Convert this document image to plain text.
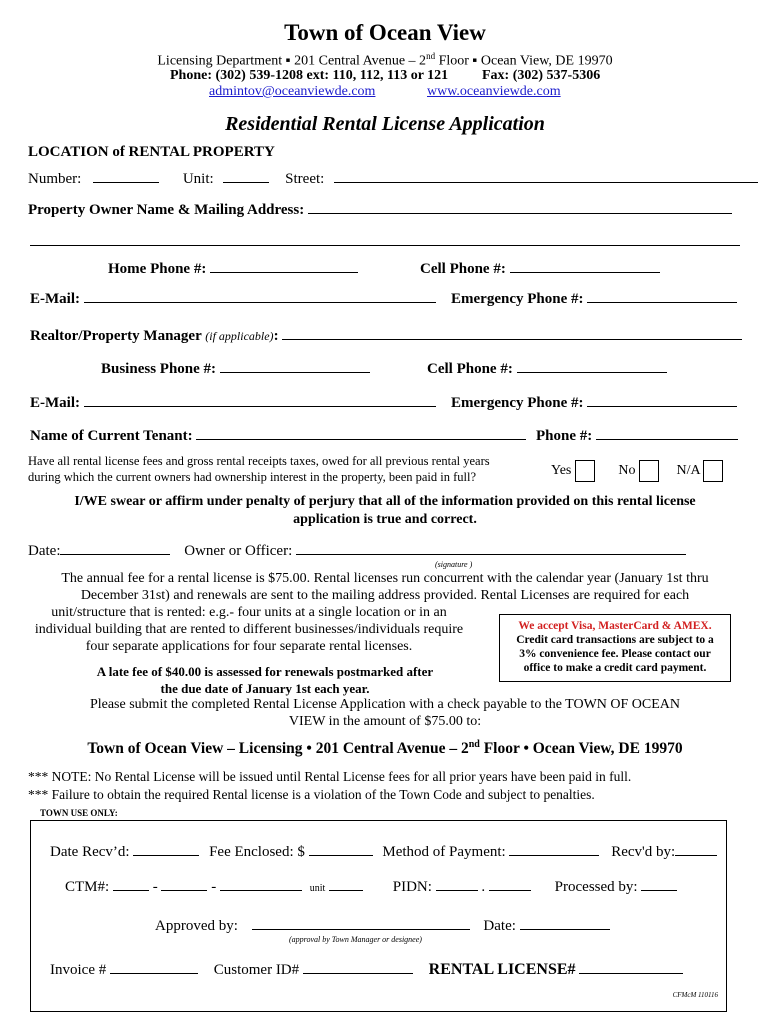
Town of Ocean View
Licensing Department ▪ 201 Central Avenue – 2nd Floor ▪ Ocean View, DE 19970
Phone: (302) 539-1208 ext: 110, 112, 113 or 121 Fax: (302) 537-5306
admintov@oceanviewde.com	www.oceanviewde.com
Residential Rental License Application
LOCATION of RENTAL PROPERTY
Number:	Unit:	Street:
Property Owner Name & Mailing Address:
Home Phone #:	Cell Phone #:
E-Mail:	Emergency Phone #:
Realtor/Property Manager (if applicable):
Business Phone #:	Cell Phone #:
E-Mail:	Emergency Phone #:
Name of Current Tenant:	Phone #:
Have all rental license fees and gross rental receipts taxes, owed for all previous rental years
during which the current owners had ownership interest in the property, been paid in full?	Yes	No	N/A
I/WE swear or affirm under penalty of perjury that all of the information provided on this rental license
application is true and correct.
Date:	Owner or Officer:
(signature )
The annual fee for a rental license is $75.00. Rental licenses run concurrent with the calendar year (January 1st thru
December 31st) and renewals are sent to the mailing address provided. Rental Licenses are required for each
unit/structure that is rented: e.g.- four units at a single location or in an
individual building that are rented to different businesses/individuals require
four separate applications for four separate rental licenses.
A late fee of $40.00 is assessed for renewals postmarked after
the due date of January 1st each year.
We accept Visa, MasterCard & AMEX.
Credit card transactions are subject to a
3% convenience fee. Please contact our
office to make a credit card payment.
Please submit the completed Rental License Application with a check payable to the TOWN OF OCEAN
VIEW in the amount of $75.00 to:
Town of Ocean View – Licensing • 201 Central Avenue – 2nd Floor • Ocean View, DE 19970
*** NOTE: No Rental License will be issued until Rental License fees for all prior years have been paid in full.
*** Failure to obtain the required Rental license is a violation of the Town Code and subject to penalties.
TOWN USE ONLY:
Date Recv’d:	Fee Enclosed: $	Method of Payment:	Recv'd by:
CTM#:	-	-	unit	PIDN:	.	Processed by:
Approved by:	Date:
(approval by Town Manager or designee)
Invoice #	Customer ID#	RENTAL LICENSE#
CFMcM 110116
